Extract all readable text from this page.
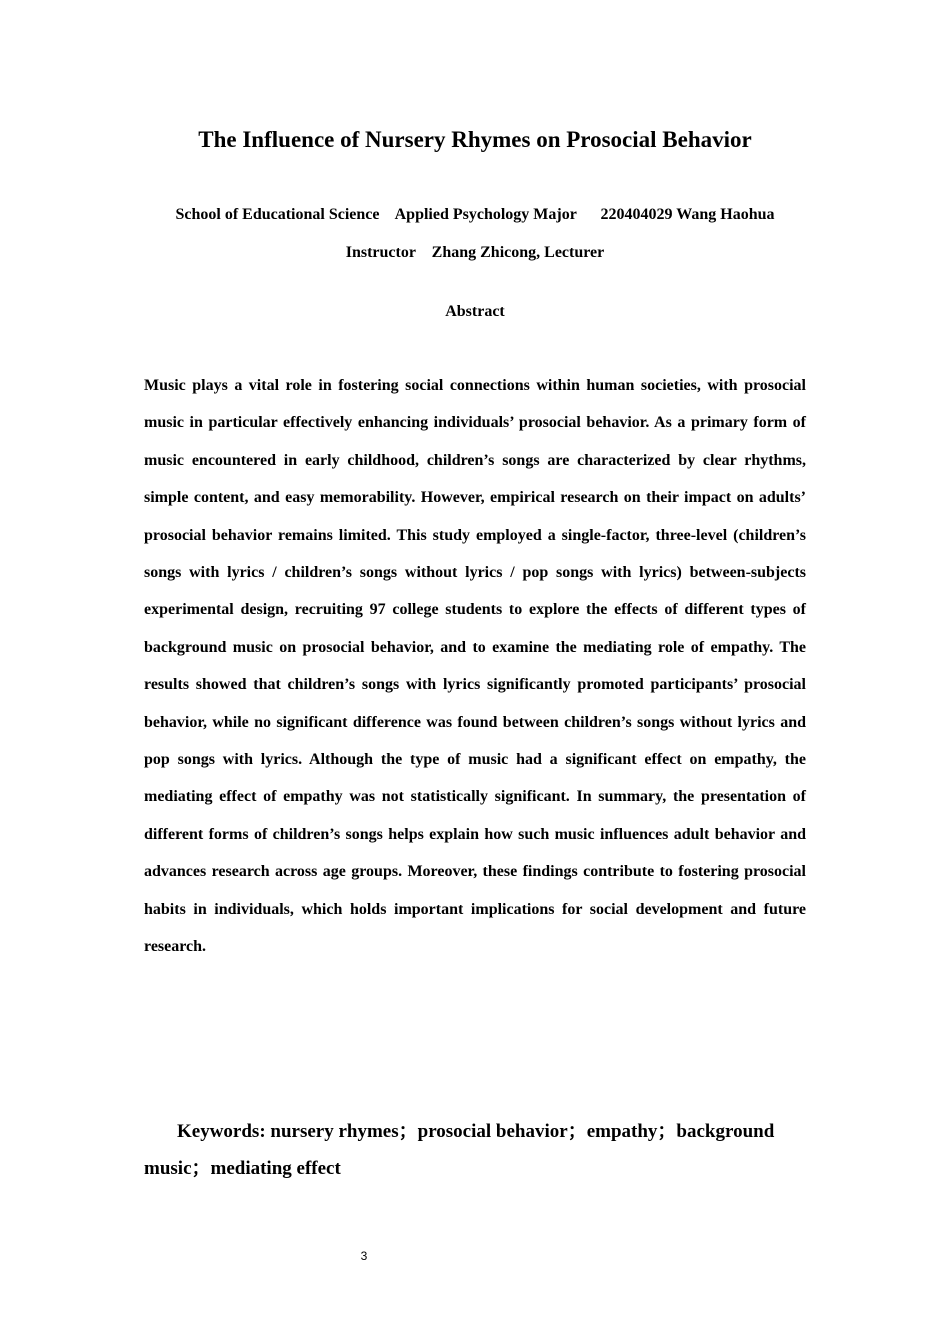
The Influence of Nursery Rhymes on Prosocial Behavior
School of Educational Science    Applied Psychology Major      220404029 Wang Haohua
Instructor    Zhang Zhicong, Lecturer
Abstract

Music plays a vital role in fostering social connections within human societies, with prosocial music in particular effectively enhancing individuals’ prosocial behavior. As a primary form of music encountered in early childhood, children’s songs are characterized by clear rhythms, simple content, and easy memorability. However, empirical research on their impact on adults’ prosocial behavior remains limited. This study employed a single-factor, three-level (children’s songs with lyrics / children’s songs without lyrics / pop songs with lyrics) between-subjects experimental design, recruiting 97 college students to explore the effects of different types of background music on prosocial behavior, and to examine the mediating role of empathy. The results showed that children’s songs with lyrics significantly promoted participants’ prosocial behavior, while no significant difference was found between children’s songs without lyrics and pop songs with lyrics. Although the type of music had a significant effect on empathy, the mediating effect of empathy was not statistically significant. In summary, the presentation of different forms of children’s songs helps explain how such music influences adult behavior and advances research across age groups. Moreover, these findings contribute to fostering prosocial habits in individuals, which holds important implications for social development and future research.

Keywords: nursery rhymes；prosocial behavior；empathy；background music；mediating effect

3
